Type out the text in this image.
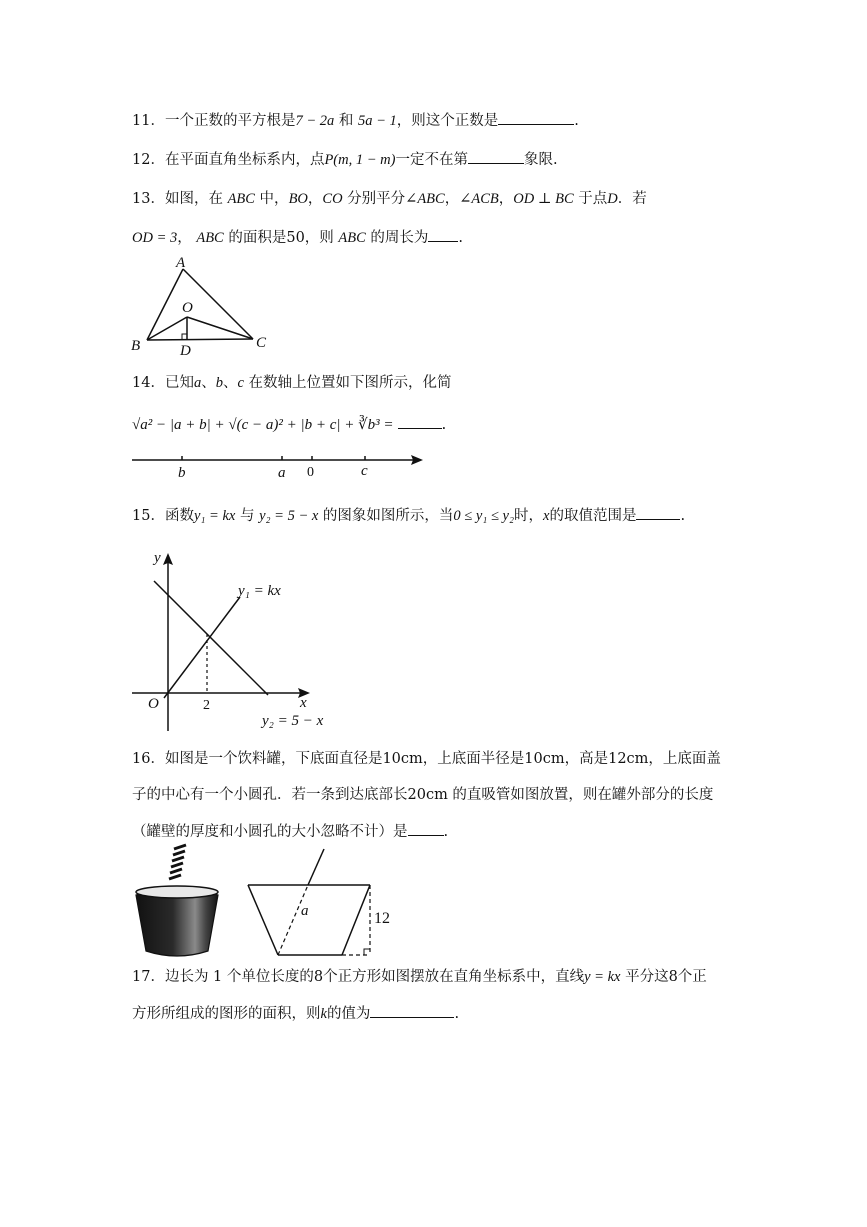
11．一个正数的平方根是7 − 2a 和 5a − 1，则这个正数是	.
12．在平面直角坐标系内，点P(m, 1 − m)一定不在第	象限.
13．如图，在 ABC 中，BO，CO 分别平分∠ABC，∠ACB，OD ⊥ BC 于点D．若
OD = 3， ABC 的面积是50，则 ABC 的周长为 .
A
O
B	D	C
14．已知a、b、c 在数轴上位置如下图所示，化简
√a² − |a + b| + √(c − a)² + |b + c| + ∛b³ =	.
b	a 0	c
15．函数y₁ = kx 与 y₂ = 5 − x 的图象如图所示，当0 ≤ y₁ ≤ y₂时，x的取值范围是	.
y
x
O	2
y₁ = kx
y₂ = 5 − x
16．如图是一个饮料罐，下底面直径是10cm，上底面半径是10cm，高是12cm，上底面盖
子的中心有一个小圆孔．若一条到达底部长20cm 的直吸管如图放置，则在罐外部分的长度
（罐壁的厚度和小圆孔的大小忽略不计）是 .
a	12
17．边长为 1 个单位长度的8个正方形如图摆放在直角坐标系中，直线y = kx 平分这8个正
方形所组成的图形的面积，则k的值为	.
